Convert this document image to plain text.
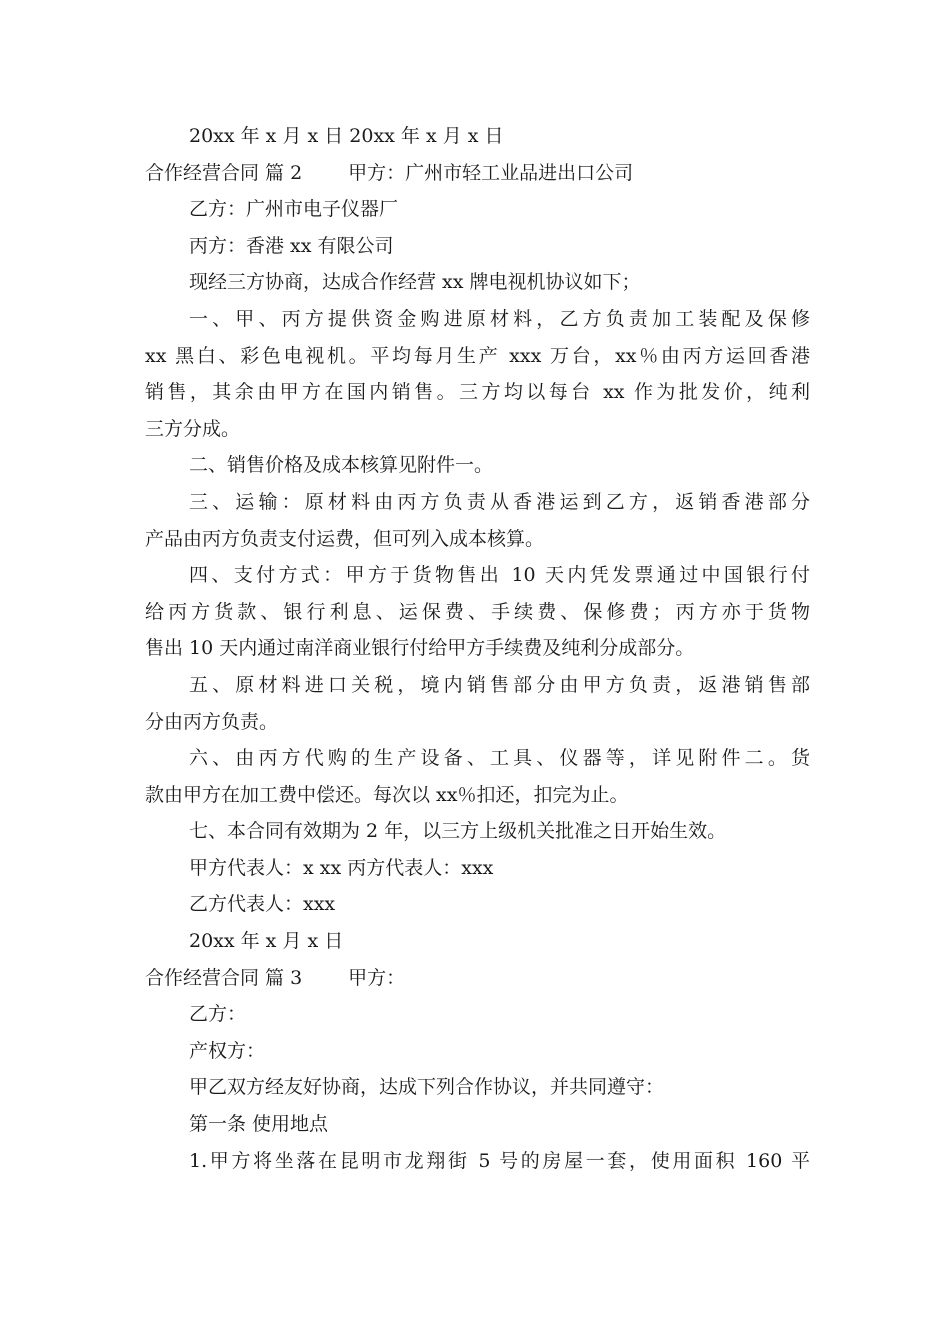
20xx 年 x 月 x 日 20xx 年 x 月 x 日
合作经营合同 篇 2 甲方：广州市轻工业品进出口公司
乙方：广州市电子仪器厂
丙方：香港 xx 有限公司
现经三方协商，达成合作经营 xx 牌电视机协议如下；
一、甲、丙方提供资金购进原材料，乙方负责加工装配及保修
xx 黑白、彩色电视机。平均每月生产 xxx 万台，xx％由丙方运回香港
销售，其余由甲方在国内销售。三方均以每台 xx 作为批发价，纯利
三方分成。
二、销售价格及成本核算见附件一。
三、运输：原材料由丙方负责从香港运到乙方，返销香港部分
产品由丙方负责支付运费，但可列入成本核算。
四、支付方式：甲方于货物售出 10 天内凭发票通过中国银行付
给丙方货款、银行利息、运保费、手续费、保修费；丙方亦于货物
售出 10 天内通过南洋商业银行付给甲方手续费及纯利分成部分。
五、原材料进口关税，境内销售部分由甲方负责，返港销售部
分由丙方负责。
六、由丙方代购的生产设备、工具、仪器等，详见附件二。货
款由甲方在加工费中偿还。每次以 xx％扣还，扣完为止。
七、本合同有效期为 2 年，以三方上级机关批准之日开始生效。
甲方代表人：x xx 丙方代表人：xxx
乙方代表人：xxx
20xx 年 x 月 x 日
合作经营合同 篇 3 甲方：
乙方：
产权方：
甲乙双方经友好协商，达成下列合作协议，并共同遵守：
第一条 使用地点
1.甲方将坐落在昆明市龙翔街 5 号的房屋一套，使用面积 160 平
